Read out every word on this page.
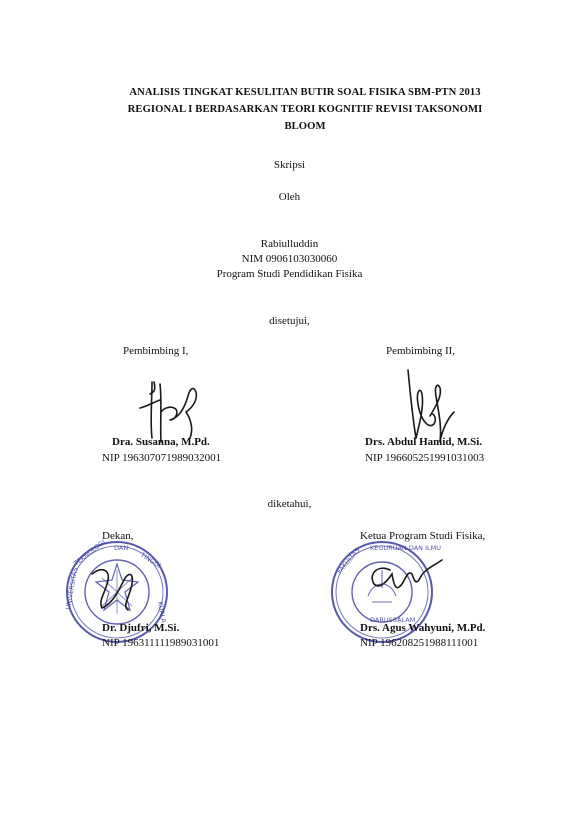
ANALISIS TINGKAT KESULITAN BUTIR SOAL FISIKA SBM-PTN 2013
REGIONAL I BERDASARKAN TEORI KOGNITIF REVISI TAKSONOMI
BLOOM
Skripsi
Oleh
Rabiulluddin
NIM 0906103030060
Program Studi Pendidikan Fisika
disetujui,
Pembimbing I,	Pembimbing II,
Dra. Susanna, M.Pd.
NIP 196307071989032001
Drs. Abdul Hamid, M.Si.
NIP 196605251991031003
diketahui,
Dekan,	Ketua Program Studi Fisika,
TEKNOLOGI DAN
TINGGI
UNIVERSITAS
KUALA
FAKULTAS KEGURUAN DAN ILMU
DARUSSALAM
Dr. Djufri, M.Si.
NIP 196311111989031001
Drs. Agus Wahyuni, M.Pd.
NIP 196208251988111001
